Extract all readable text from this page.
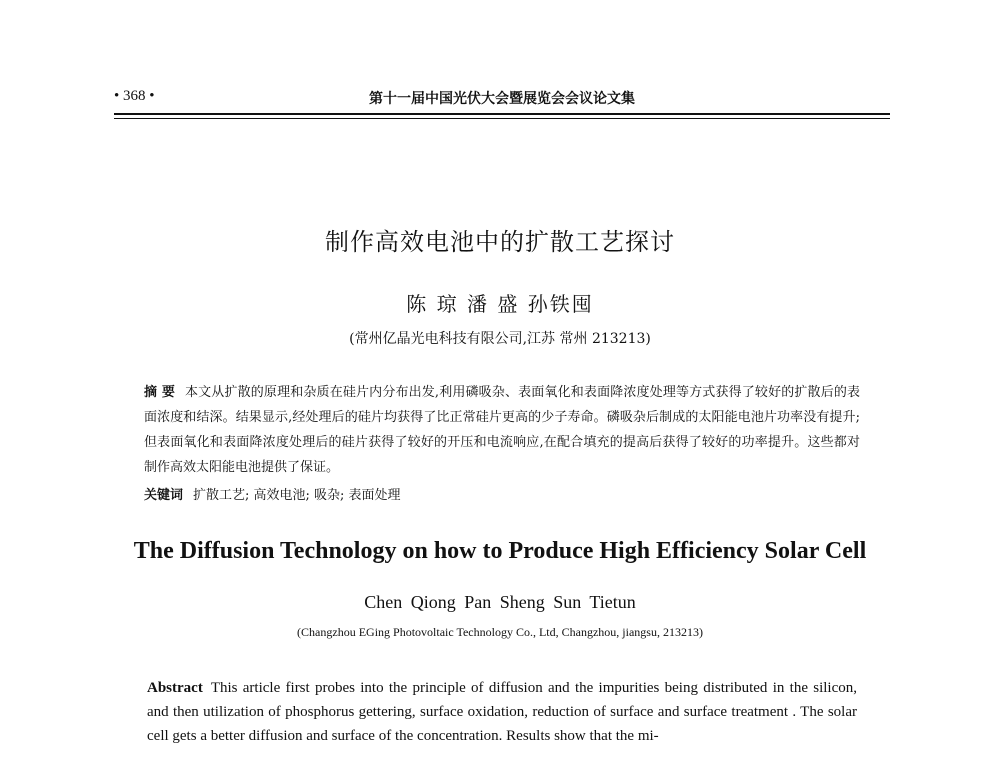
• 368 •	第十一届中国光伏大会暨展览会会议论文集
制作高效电池中的扩散工艺探讨
陈 琼 潘 盛 孙铁囤
(常州亿晶光电科技有限公司,江苏 常州 213213)
摘 要 本文从扩散的原理和杂质在硅片内分布出发,利用磷吸杂、表面氧化和表面降浓度处理等方式获得了较好的扩散后的表面浓度和结深。结果显示,经处理后的硅片均获得了比正常硅片更高的少子寿命。磷吸杂后制成的太阳能电池片功率没有提升;但表面氧化和表面降浓度处理后的硅片获得了较好的开压和电流响应,在配合填充的提高后获得了较好的功率提升。这些都对制作高效太阳能电池提供了保证。
关键词 扩散工艺; 高效电池; 吸杂; 表面处理
The Diffusion Technology on how to Produce High Efficiency Solar Cell
Chen Qiong Pan Sheng Sun Tietun
(Changzhou EGing Photovoltaic Technology Co., Ltd, Changzhou, jiangsu, 213213)
Abstract This article first probes into the principle of diffusion and the impurities being distributed in the silicon, and then utilization of phosphorus gettering, surface oxidation, reduction of surface and surface treatment . The solar cell gets a better diffusion and surface of the concentration. Results show that the mi-
